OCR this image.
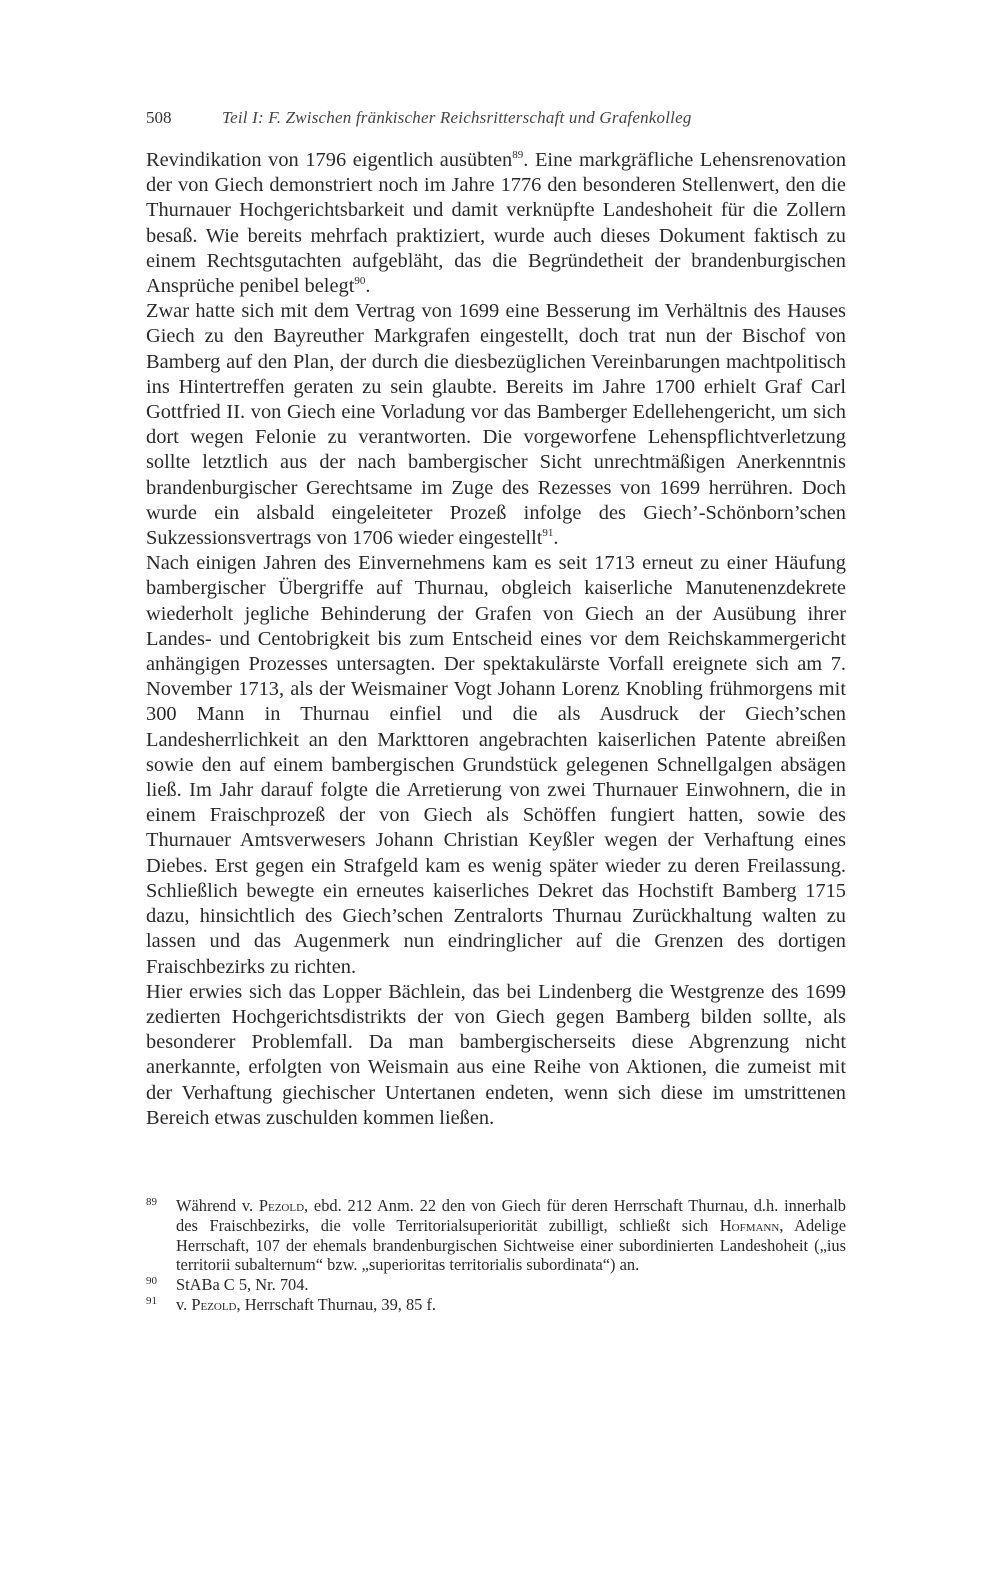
508	Teil I: F. Zwischen fränkischer Reichsritterschaft und Grafenkolleg

Revindikation von 1796 eigentlich ausübten$^{89}$. Eine markgräfliche Lehensrenovation der von Giech demonstriert noch im Jahre 1776 den besonderen Stellenwert, den die Thurnauer Hochgerichtsbarkeit und damit verknüpfte Landeshoheit für die Zollern besaß. Wie bereits mehrfach praktiziert, wurde auch dieses Dokument faktisch zu einem Rechtsgutachten aufgebläht, das die Begründetheit der brandenburgischen Ansprüche penibel belegt$^{90}$.

Zwar hatte sich mit dem Vertrag von 1699 eine Besserung im Verhältnis des Hauses Giech zu den Bayreuther Markgrafen eingestellt, doch trat nun der Bischof von Bamberg auf den Plan, der durch die diesbezüglichen Vereinbarungen machtpolitisch ins Hintertreffen geraten zu sein glaubte. Bereits im Jahre 1700 erhielt Graf Carl Gottfried II. von Giech eine Vorladung vor das Bamberger Edellehengericht, um sich dort wegen Felonie zu verantworten. Die vorgeworfene Lehenspflichtverletzung sollte letztlich aus der nach bambergischer Sicht unrechtmäßigen Anerkenntnis brandenburgischer Gerechtsame im Zuge des Rezesses von 1699 herrühren. Doch wurde ein alsbald eingeleiteter Prozeß infolge des Giech’-Schönborn’schen Sukzessionsvertrags von 1706 wieder eingestellt$^{91}$.

Nach einigen Jahren des Einvernehmens kam es seit 1713 erneut zu einer Häufung bambergischer Übergriffe auf Thurnau, obgleich kaiserliche Manutenenzdekrete wiederholt jegliche Behinderung der Grafen von Giech an der Ausübung ihrer Landes- und Centobrigkeit bis zum Entscheid eines vor dem Reichskammergericht anhängigen Prozesses untersagten. Der spektakulärste Vorfall ereignete sich am 7. November 1713, als der Weismainer Vogt Johann Lorenz Knobling frühmorgens mit 300 Mann in Thurnau einfiel und die als Ausdruck der Giech’schen Landesherrlichkeit an den Markttoren angebrachten kaiserlichen Patente abreißen sowie den auf einem bambergischen Grundstück gelegenen Schnellgalgen absägen ließ. Im Jahr darauf folgte die Arretierung von zwei Thurnauer Einwohnern, die in einem Fraischprozeß der von Giech als Schöffen fungiert hatten, sowie des Thurnauer Amtsverwesers Johann Christian Keyßler wegen der Verhaftung eines Diebes. Erst gegen ein Strafgeld kam es wenig später wieder zu deren Freilassung. Schließlich bewegte ein erneutes kaiserliches Dekret das Hochstift Bamberg 1715 dazu, hinsichtlich des Giech’schen Zentralorts Thurnau Zurückhaltung walten zu lassen und das Augenmerk nun eindringlicher auf die Grenzen des dortigen Fraischbezirks zu richten.

Hier erwies sich das Lopper Bächlein, das bei Lindenberg die Westgrenze des 1699 zedierten Hochgerichtsdistrikts der von Giech gegen Bamberg bilden sollte, als besonderer Problemfall. Da man bambergischerseits diese Abgrenzung nicht anerkannte, erfolgten von Weismain aus eine Reihe von Aktionen, die zumeist mit der Verhaftung giechischer Untertanen endeten, wenn sich diese im umstrittenen Bereich etwas zuschulden kommen ließen.

89 Während v. Pezold, ebd. 212 Anm. 22 den von Giech für deren Herrschaft Thurnau, d.h. innerhalb des Fraischbezirks, die volle Territorialsuperiorität zubilligt, schließt sich Hofmann, Adelige Herrschaft, 107 der ehemals brandenburgischen Sichtweise einer subordinierten Landeshoheit („ius territorii subalternum“ bzw. „superioritas territorialis subordinata“) an.
90 StABa C 5, Nr. 704.
91 v. Pezold, Herrschaft Thurnau, 39, 85 f.
